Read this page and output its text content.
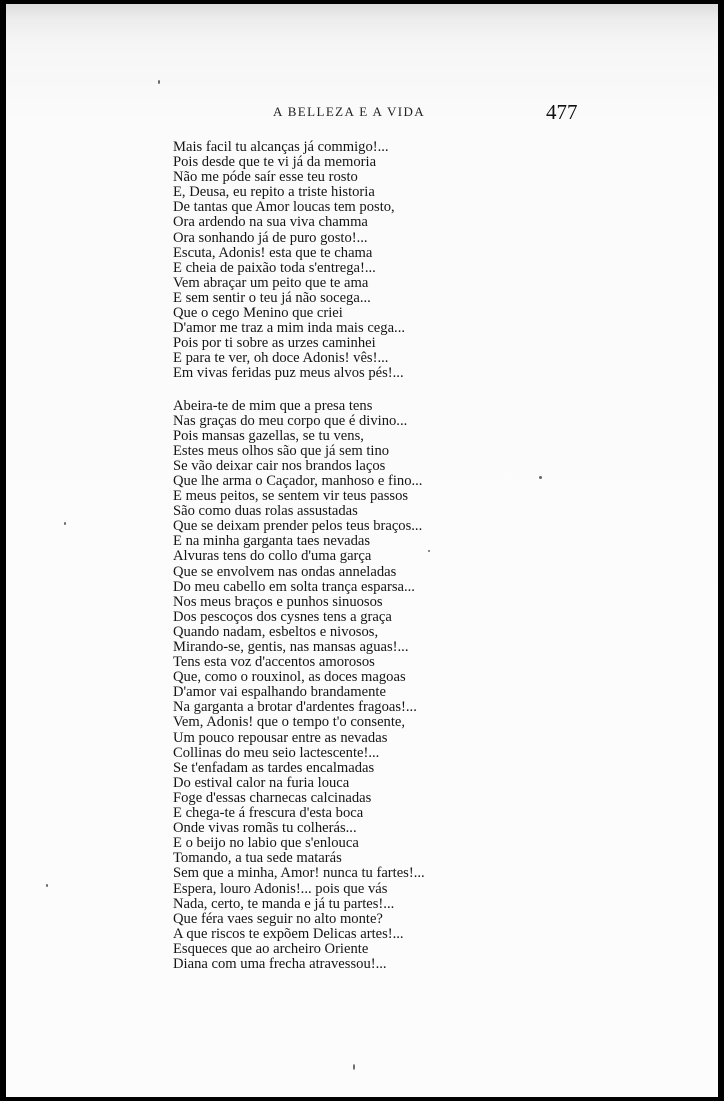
A BELLEZA E A VIDA	477
Mais facil tu alcanças já commigo!...
Pois desde que te vi já da memoria
Não me póde saír esse teu rosto
E, Deusa, eu repito a triste historia
De tantas que Amor loucas tem posto,
Ora ardendo na sua viva chamma
Ora sonhando já de puro gosto!...
Escuta, Adonis! esta que te chama
E cheia de paixão toda s'entrega!...
Vem abraçar um peito que te ama
E sem sentir o teu já não socega...
Que o cego Menino que criei
D'amor me traz a mim inda mais cega...
Pois por ti sobre as urzes caminhei
E para te ver, oh doce Adonis! vês!...
Em vivas feridas puz meus alvos pés!...
Abeira-te de mim que a presa tens
Nas graças do meu corpo que é divino...
Pois mansas gazellas, se tu vens,
Estes meus olhos são que já sem tino
Se vão deixar cair nos brandos laços
Que lhe arma o Caçador, manhoso e fino...
E meus peitos, se sentem vir teus passos
São como duas rolas assustadas
Que se deixam prender pelos teus braços...
E na minha garganta taes nevadas
Alvuras tens do collo d'uma garça
Que se envolvem nas ondas anneladas
Do meu cabello em solta trança esparsa...
Nos meus braços e punhos sinuosos
Dos pescoços dos cysnes tens a graça
Quando nadam, esbeltos e nivosos,
Mirando-se, gentis, nas mansas aguas!...
Tens esta voz d'accentos amorosos
Que, como o rouxinol, as doces magoas
D'amor vai espalhando brandamente
Na garganta a brotar d'ardentes fragoas!...
Vem, Adonis! que o tempo t'o consente,
Um pouco repousar entre as nevadas
Collinas do meu seio lactescente!...
Se t'enfadam as tardes encalmadas
Do estival calor na furia louca
Foge d'essas charnecas calcinadas
E chega-te á frescura d'esta boca
Onde vivas romãs tu colherás...
E o beijo no labio que s'enlouca
Tomando, a tua sede matarás
Sem que a minha, Amor! nunca tu fartes!...
Espera, louro Adonis!... pois que vás
Nada, certo, te manda e já tu partes!...
Que féra vaes seguir no alto monte?
A que riscos te expõem Delicas artes!...
Esqueces que ao archeiro Oriente
Diana com uma frecha atravessou!...
